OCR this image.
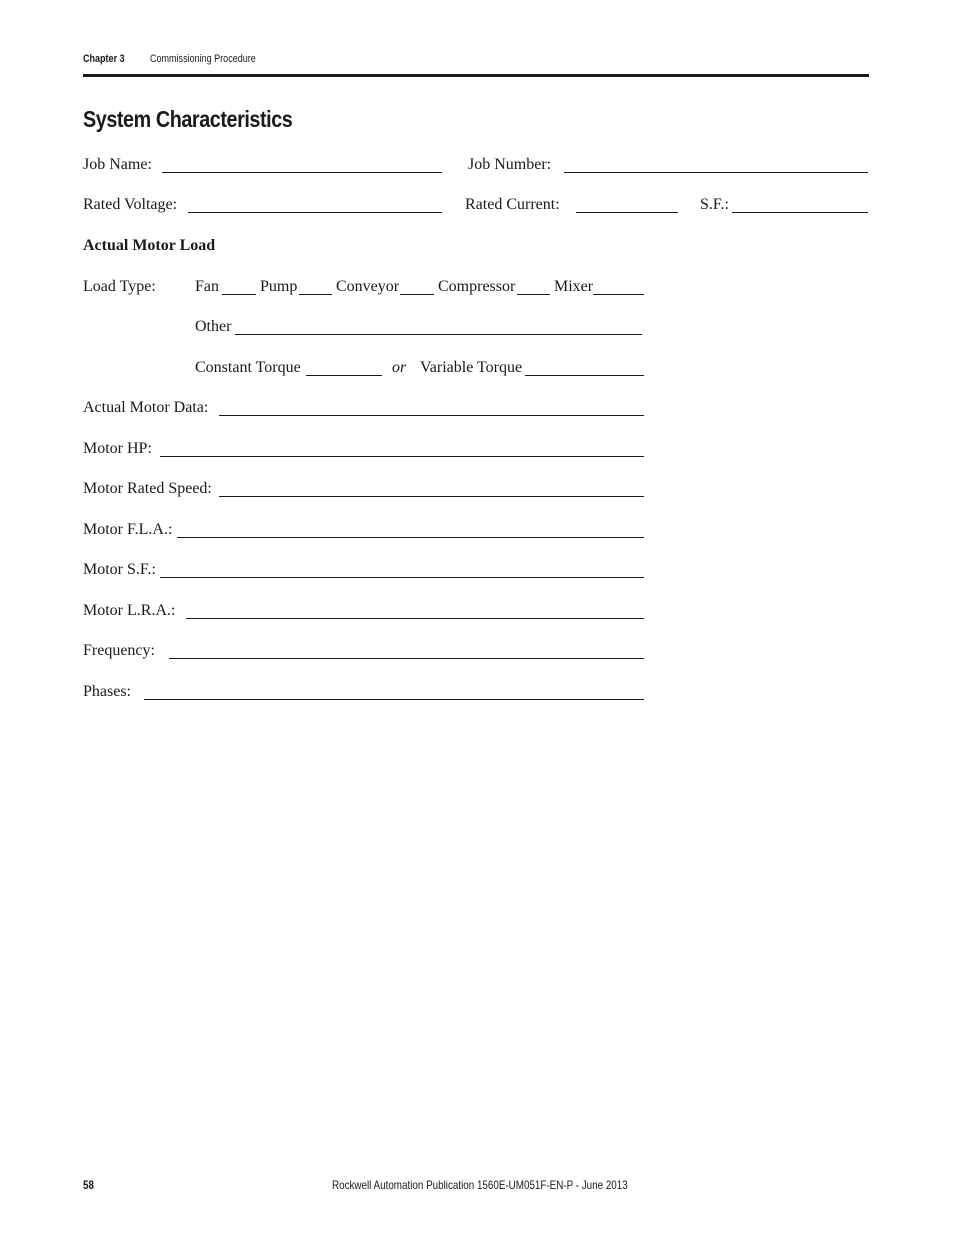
Chapter 3 Commissioning Procedure
System Characteristics
Job Name:	Job Number:
Rated Voltage:	Rated Current:	S.F.:
Actual Motor Load
Load Type: Fan	Pump Conveyor Compressor Mixer
Other
Constant Torque	or Variable Torque
Actual Motor Data:
Motor HP:
Motor Rated Speed:
Motor F.L.A.:
Motor S.F.:
Motor L.R.A.:
Frequency:
Phases:
58	Rockwell Automation Publication 1560E-UM051F-EN-P - June 2013
